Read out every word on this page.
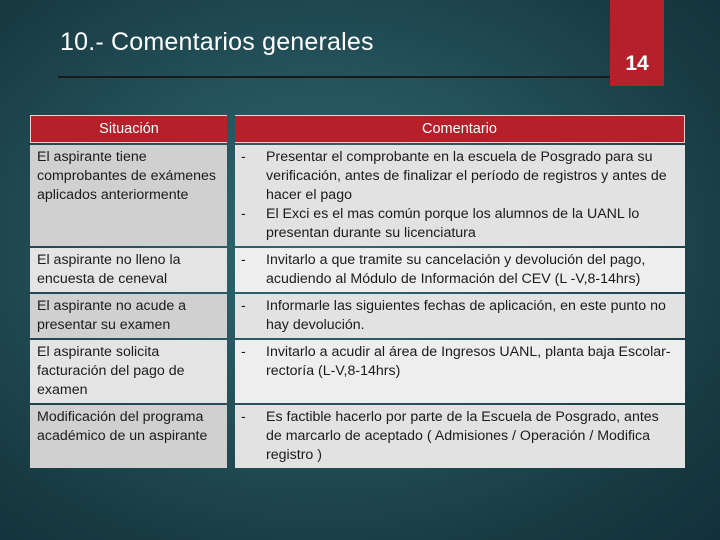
10.- Comentarios generales
14
Situación		Comentario
El aspirante tiene comprobantes de exámenes aplicados anteriormente		- Presentar el comprobante en la escuela de Posgrado para su verificación, antes de finalizar el período de registros y antes de hacer el pago
- El Exci es el mas común porque los alumnos de la UANL lo presentan durante su licenciatura

El aspirante no lleno la encuesta de ceneval		- Invitarlo a que tramite su cancelación y devolución del pago, acudiendo al Módulo de Información del CEV (L -V,8-14hrs)

El aspirante no acude a presentar su examen		- Informarle las siguientes fechas de aplicación, en este punto no hay devolución.

El aspirante solicita facturación del pago de examen		- Invitarlo a acudir al área de Ingresos UANL, planta baja Escolar-rectoría (L-V,8-14hrs)

Modificación del programa académico de un aspirante		- Es factible hacerlo por parte de la Escuela de Posgrado, antes de marcarlo de aceptado ( Admisiones / Operación / Modifica registro )
